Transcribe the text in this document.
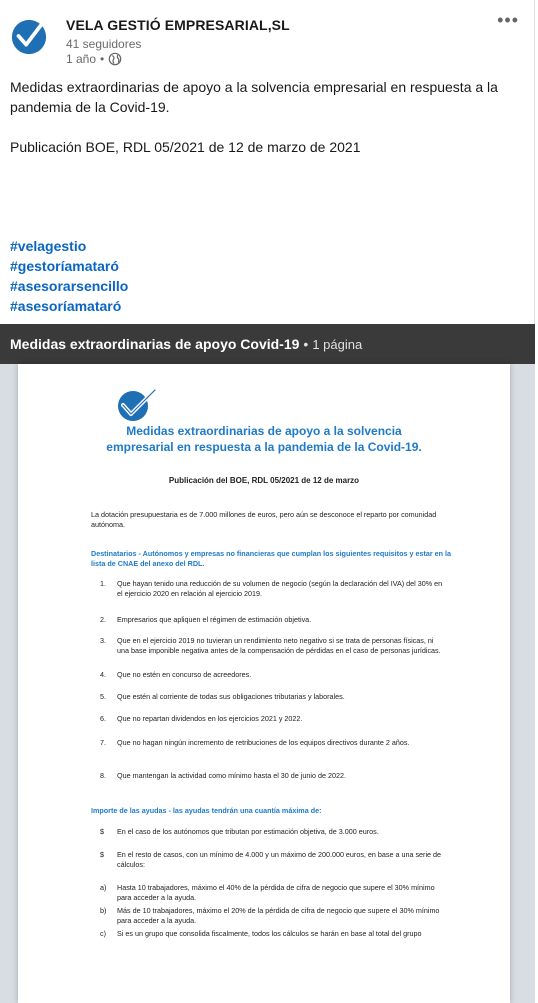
VELA GESTIÓ EMPRESARIAL,SL
41 seguidores
1 año •
•••

Medidas extraordinarias de apoyo a la solvencia empresarial en respuesta a la pandemia de la Covid-19.

Publicación BOE, RDL 05/2021 de 12 de marzo de 2021

#velagestio
#gestoríamataró
#asesorarsencillo
#asesoríamataró
Medidas extraordinarias de apoyo Covid-19 • 1 página
Medidas extraordinarias de apoyo a la solvencia
empresarial en respuesta a la pandemia de la Covid-19.
Publicación del BOE, RDL 05/2021 de 12 de marzo
La dotación presupuestaria es de 7.000 millones de euros, pero aún se desconoce el reparto por comunidad autónoma.
Destinatarios - Autónomos y empresas no financieras que cumplan los siguientes requisitos y estar en la lista de CNAE del anexo del RDL.
1.	Que hayan tenido una reducción de su volumen de negocio (según la declaración del IVA) del 30% en el ejercicio 2020 en relación al ejercicio 2019.
2.	Empresarios que apliquen el régimen de estimación objetiva.
3.	Que en el ejercicio 2019 no tuvieran un rendimiento neto negativo si se trata de personas físicas, ni una base imponible negativa antes de la compensación de pérdidas en el caso de personas jurídicas.
4.	Que no estén en concurso de acreedores.
5.	Que estén al corriente de todas sus obligaciones tributarias y laborales.
6.	Que no repartan dividendos en los ejercicios 2021 y 2022.
7.	Que no hagan ningún incremento de retribuciones de los equipos directivos durante 2 años.
8.	Que mantengan la actividad como mínimo hasta el 30 de junio de 2022.
Importe de las ayudas - las ayudas tendrán una cuantía máxima de:
$	En el caso de los autónomos que tributan por estimación objetiva, de 3.000 euros.
$	En el resto de casos, con un mínimo de 4.000 y un máximo de 200.000 euros, en base a una serie de cálculos:
a)	Hasta 10 trabajadores, máximo el 40% de la pérdida de cifra de negocio que supere el 30% mínimo para acceder a la ayuda.
b)	Más de 10 trabajadores, máximo el 20% de la pérdida de cifra de negocio que supere el 30% mínimo para acceder a la ayuda.
c)	Si es un grupo que consolida fiscalmente, todos los cálculos se harán en base al total del grupo
